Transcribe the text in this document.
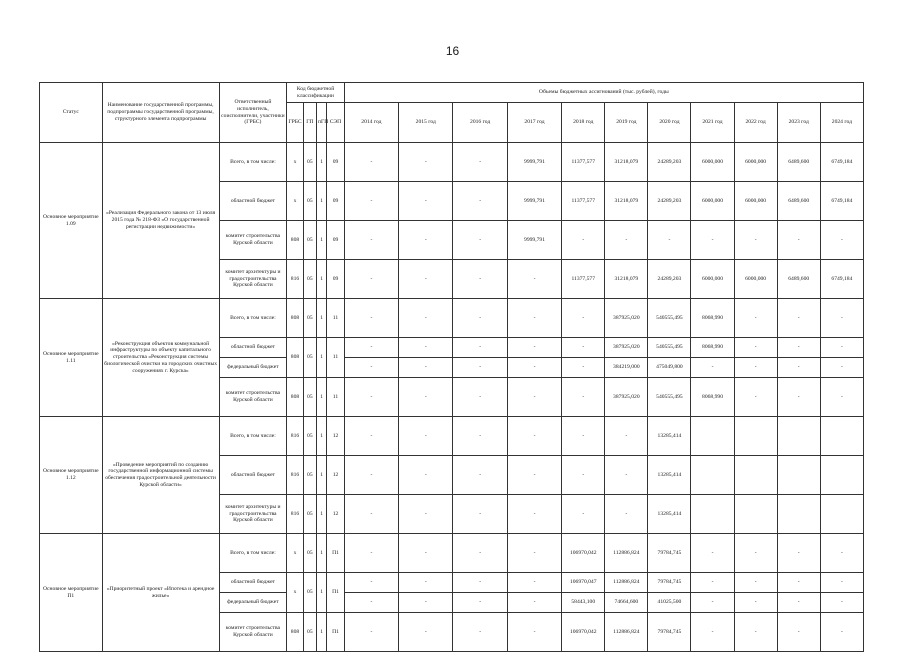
16
Статус	Наименование государственной программы, подпрограммы государственной программы, структурного элемента подпрограммы	Ответственный исполнитель, соисполнители, участники (ГРБС)	Код бюджетной классификации				Объемы бюджетных ассигнований (тыс. рублей), годы										
			ГРБС	ГП	пГП	СЭП	2014 год	2015 год	2016 год	2017 год	2018 год	2019 год	2020 год	2021 год	2022 год	2023 год	2024 год
Основное мероприятие 1.09	«Реализация Федерального закона от 13 июля 2015 года № 218-ФЗ «О государственной регистрации недвижимости»	Всего, в том числе:	х	05	1	09	-	-	-	9999,791	11377,577	31218,079	24289,203	6000,000	6000,000	6489,600	6749,184
		областной бюджет	х	05	1	09	-	-	-	9999,791	11377,577	31218,079	24289,203	6000,000	6000,000	6489,600	6749,184
		комитет строительства Курской области	808	05	1	09	-	-	-	9999,791	-	-	-	-	-	-	-
		комитет архитектуры и градостроительства Курской области	816	05	1	09	-	-	-	-	11377,577	31218,079	24289,203	6000,000	6000,000	6489,600	6749,184
Основное мероприятие 1.11	«Реконструкция объектов коммунальной инфраструктуры по объекту капитального строительства «Реконструкция системы биологической очистки на городских очистных сооружениях г. Курска»	Всего, в том числе:	808	05	1	11	-	-	-	-	-	387925,020	540555,495	8068,990	-	-	-
		областной бюджет	808	05	1	11	-	-	-	-	-	387925,020	540555,495	8068,990	-	-	-
		федеральный бюджет					-	-	-	-	-	384219,000	475049,800	-	-	-	-
		комитет строительства Курской области	808	05	1	11	-	-	-	-	-	387925,020	540555,495	8068,990	-	-	-
Основное мероприятие 1.12	«Проведение мероприятий по созданию государственной информационной системы обеспечения градостроительной деятельности Курской области»	Всего, в том числе:	816	05	1	12	-	-	-	-	-	-	13285,414				
		областной бюджет	816	05	1	12	-	-	-	-	-	-	13285,414				
		комитет архитектуры и градостроительства Курской области	816	05	1	12	-	-	-	-	-	-	13285,414				
Основное мероприятие П1	«Приоритетный проект «Ипотека и арендное жилье»	Всего, в том числе:	х	05	1	П1	-	-	-	-	106970,042	112886,824	79784,745	-	-	-	-
		областной бюджет	х	05	1	П1	-	-	-	-	106970,047	112886,824	79784,745	-	-	-	-
		федеральный бюджет					-	-	-	-	58443,100	74664,600	41025,500	-	-	-	-
		комитет строительства Курской области	808	05	1	П1	-	-	-	-	106970,042	112886,824	79784,745	-	-	-	-
